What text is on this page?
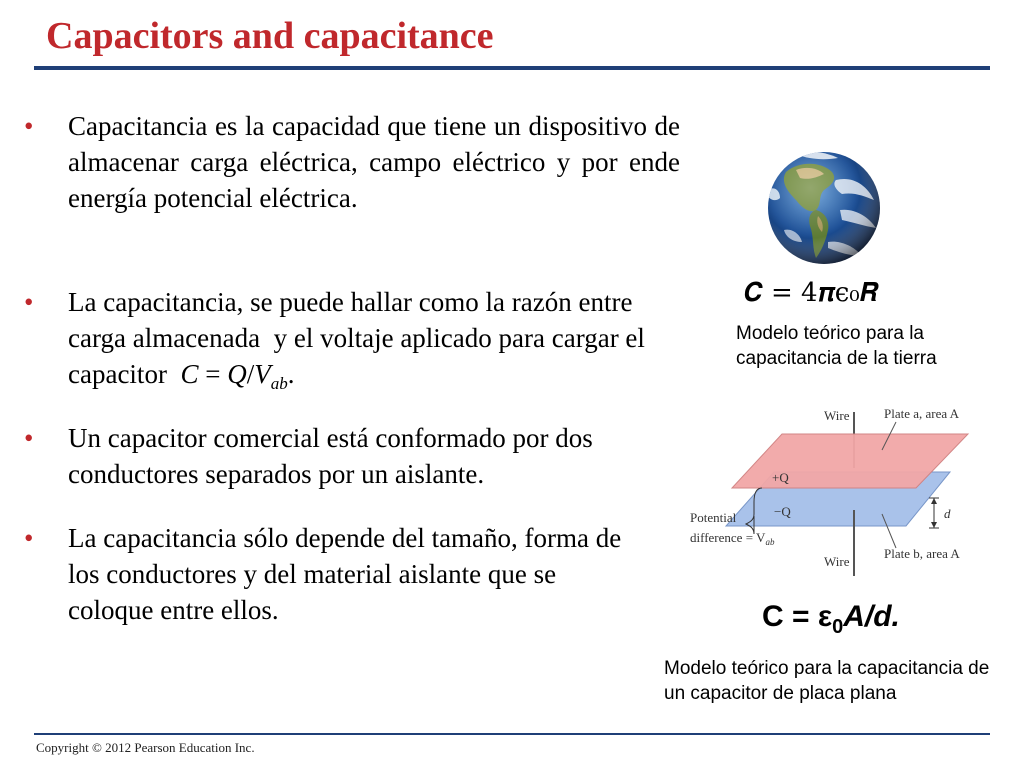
Capacitors and capacitance
•	Capacitancia es la capacidad que tiene un dispositivo de almacenar carga eléctrica, campo eléctrico y por ende energía potencial eléctrica.
•	La capacitancia, se puede hallar como la razón entre carga almacenada  y el voltaje aplicado para cargar el capacitor  $C = Q/V_{ab}$.
•	Un capacitor comercial está conformado por dos conductores separados por un aislante.
•	La capacitancia sólo depende del tamaño, forma de los conductores y del material aislante que se coloque entre ellos.
𝑪 = 4𝝅ϵ₀𝑹
Modelo teórico para la capacitancia de la tierra
Wire	Plate a, area A
+Q
−Q
Potential
difference = $V_{ab}$
d
Plate b, area A
Wire
$C = \varepsilon_0A/d$.
Modelo teórico para la capacitancia de un capacitor de placa plana
Copyright © 2012 Pearson Education Inc.
